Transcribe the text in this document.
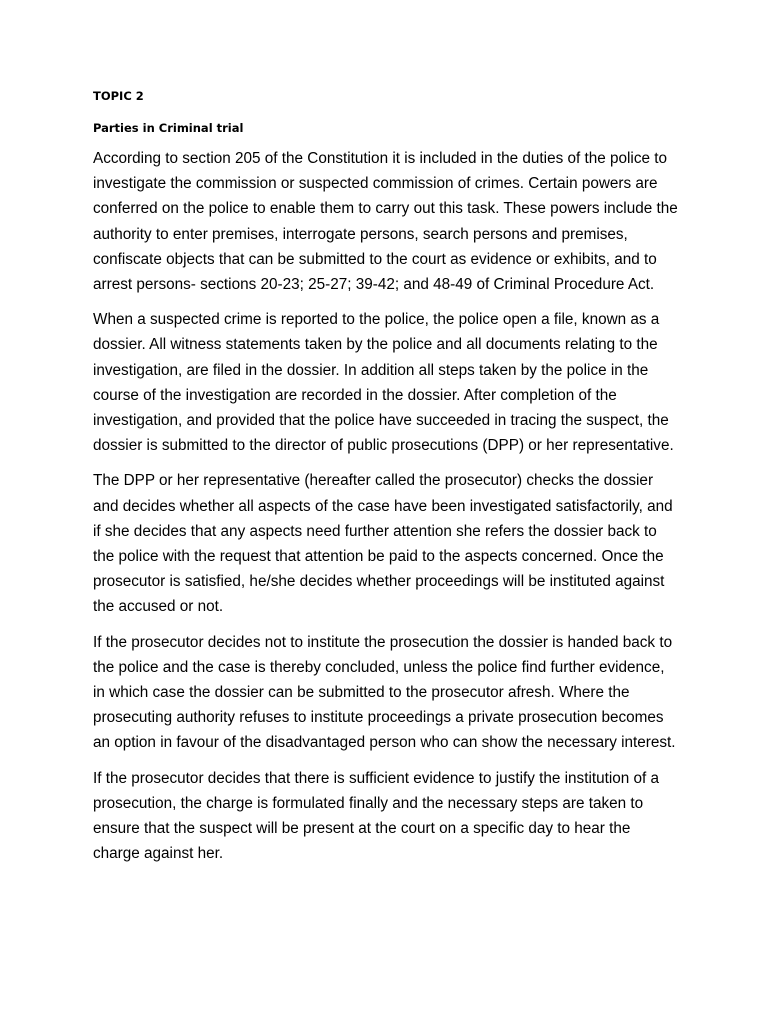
TOPIC 2
Parties in Criminal trial

According to section 205 of the Constitution it is included in the duties of the police to investigate the commission or suspected commission of crimes. Certain powers are conferred on the police to enable them to carry out this task. These powers include the authority to enter premises, interrogate persons, search persons and premises, confiscate objects that can be submitted to the court as evidence or exhibits, and to arrest persons- sections 20-23; 25-27; 39-42; and 48-49 of Criminal Procedure Act.

When a suspected crime is reported to the police, the police open a file, known as a dossier. All witness statements taken by the police and all documents relating to the investigation, are filed in the dossier. In addition all steps taken by the police in the course of the investigation are recorded in the dossier. After completion of the investigation, and provided that the police have succeeded in tracing the suspect, the dossier is submitted to the director of public prosecutions (DPP) or her representative.

The DPP or her representative (hereafter called the prosecutor) checks the dossier and decides whether all aspects of the case have been investigated satisfactorily, and if she decides that any aspects need further attention she refers the dossier back to the police with the request that attention be paid to the aspects concerned. Once the prosecutor is satisfied, he/she decides whether proceedings will be instituted against the accused or not.

If the prosecutor decides not to institute the prosecution the dossier is handed back to the police and the case is thereby concluded, unless the police find further evidence, in which case the dossier can be submitted to the prosecutor afresh. Where the prosecuting authority refuses to institute proceedings a private prosecution becomes an option in favour of the disadvantaged person who can show the necessary interest.

If the prosecutor decides that there is sufficient evidence to justify the institution of a prosecution, the charge is formulated finally and the necessary steps are taken to ensure that the suspect will be present at the court on a specific day to hear the charge against her.
